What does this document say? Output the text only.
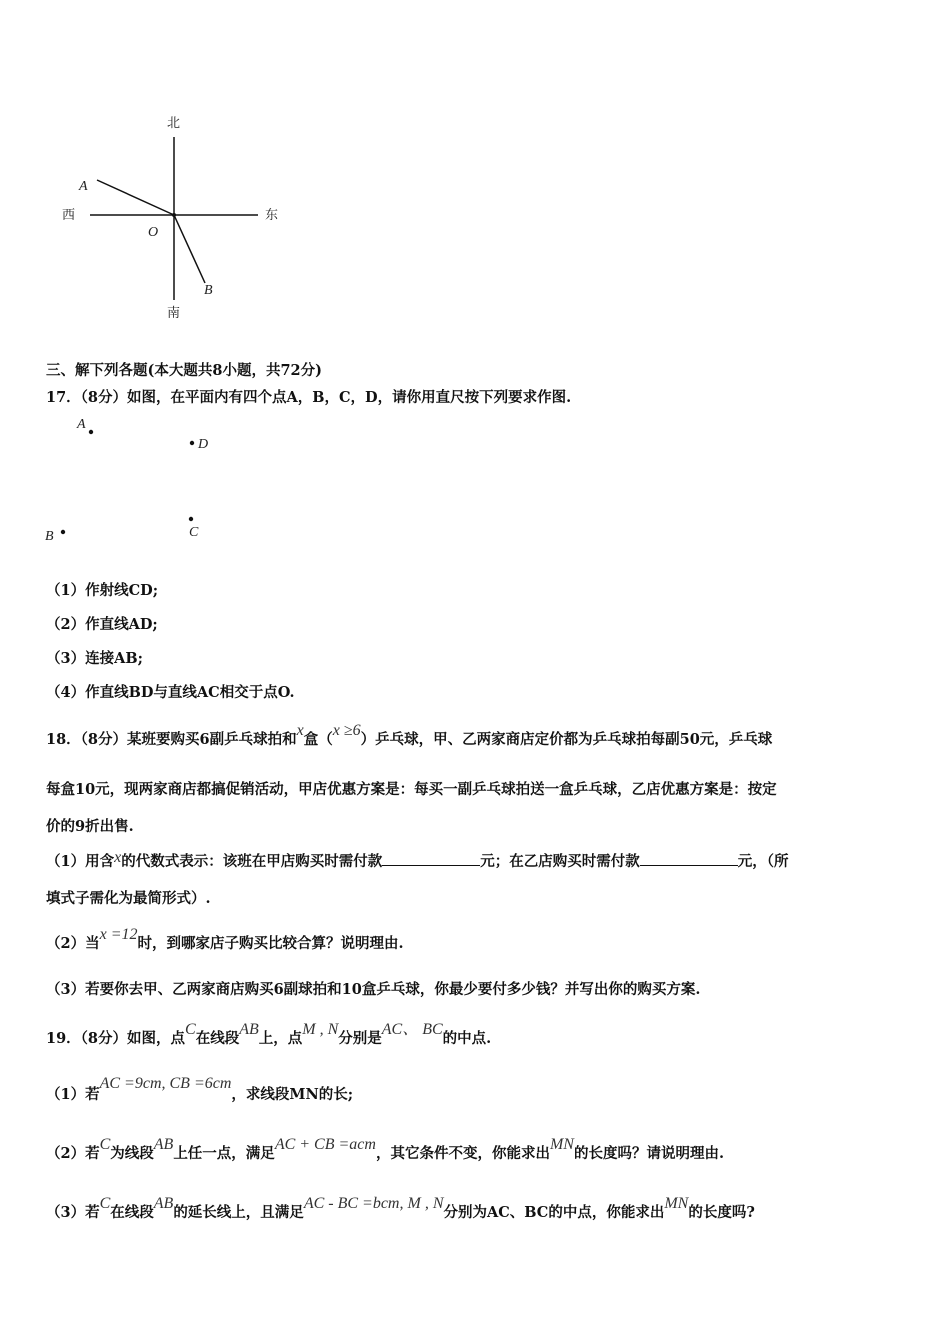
北
南
东
西
O
A
B
A
D
C
B
三、解下列各题(本大题共8小题，共72分)
17．（8分）如图，在平面内有四个点A，B，C，D，请你用直尺按下列要求作图.
（1）作射线CD;
（2）作直线AD;
（3）连接AB;
（4）作直线BD与直线AC相交于点O.
18．（8分）某班要购买6副乒乓球拍和x盒（x ≥6）乒乓球，甲、乙两家商店定价都为乒乓球拍每副50元，乒乓球
每盒10元，现两家商店都搞促销活动，甲店优惠方案是：每买一副乒乓球拍送一盒乒乓球，乙店优惠方案是：按定
价的9折出售.
（1）用含x的代数式表示：该班在甲店购买时需付款	元；在乙店购买时需付款	元，（所
填式子需化为最简形式）.
（2）当x =12时，到哪家店子购买比较合算？说明理由.
（3）若要你去甲、乙两家商店购买6副球拍和10盒乒乓球，你最少要付多少钱？并写出你的购买方案.
19．（8分）如图，点C在线段AB上，点M , N分别是AC、 BC的中点.
（1）若AC =9cm, CB =6cm，求线段MN的长;
（2）若C为线段AB上任一点，满足AC + CB =acm，其它条件不变，你能求出MN的长度吗？请说明理由.
（3）若C在线段AB的延长线上，且满足AC - BC =bcm, M , N分别为AC、BC的中点，你能求出MN的长度吗?
